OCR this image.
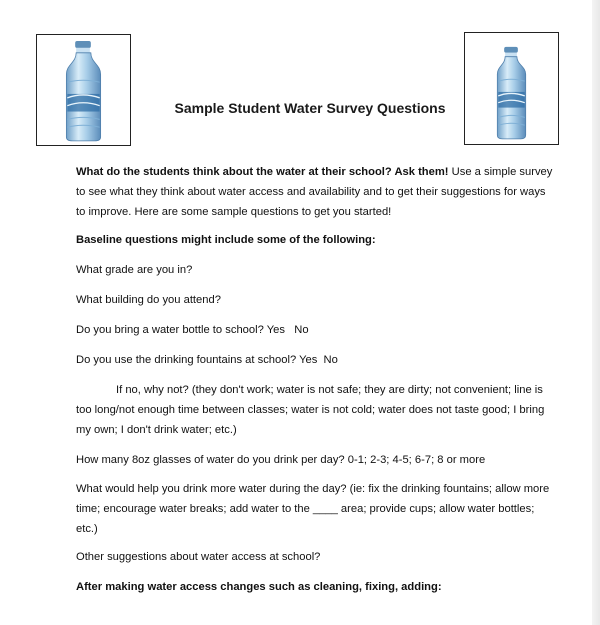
Sample Student Water Survey Questions

What do the students think about the water at their school? Ask them! Use a simple survey to see what they think about water access and availability and to get their suggestions for ways to improve. Here are some sample questions to get you started!

Baseline questions might include some of the following:

What grade are you in?

What building do you attend?

Do you bring a water bottle to school? Yes   No

Do you use the drinking fountains at school? Yes  No

If no, why not? (they don't work; water is not safe; they are dirty; not convenient; line is too long/not enough time between classes; water is not cold; water does not taste good; I bring my own; I don't drink water; etc.)

How many 8oz glasses of water do you drink per day? 0-1; 2-3; 4-5; 6-7; 8 or more

What would help you drink more water during the day? (ie: fix the drinking fountains; allow more time; encourage water breaks; add water to the ____ area; provide cups; allow water bottles; etc.)

Other suggestions about water access at school?

After making water access changes such as cleaning, fixing, adding:
